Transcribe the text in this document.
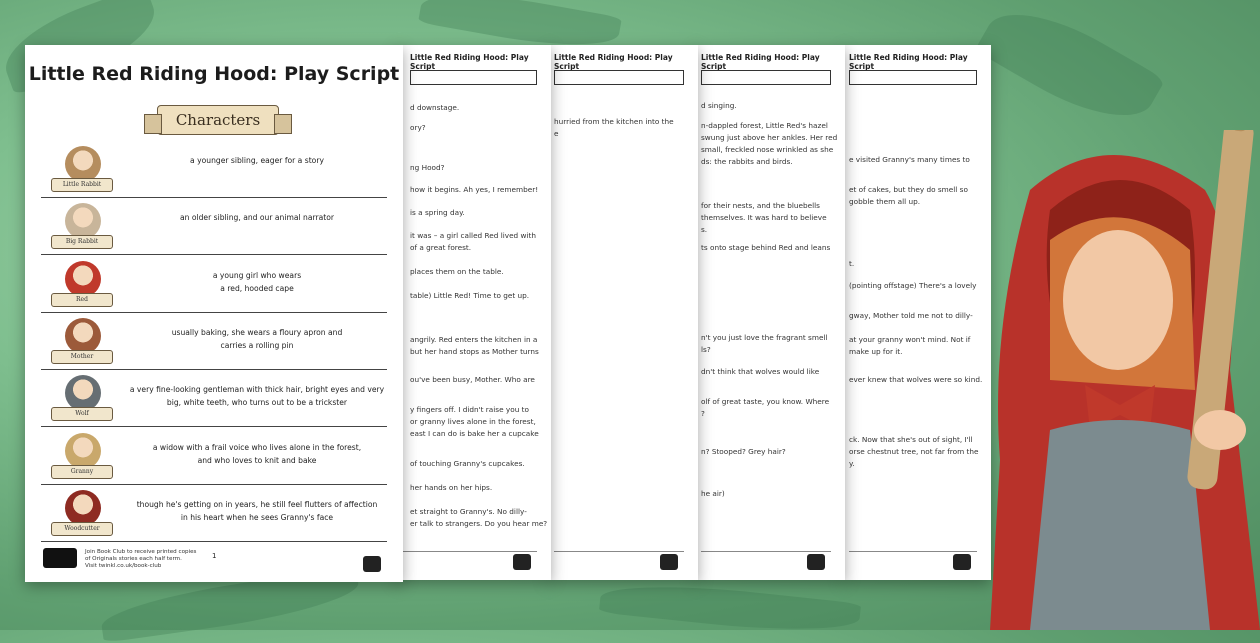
Little Red Riding Hood: Play Script
e visited Granny's many times to
et of cakes, but they do smell so
gobble them all up.
t.
(pointing offstage) There's a lovely
gway, Mother told me not to dilly-
at your granny won't mind. Not if
make up for it.
ever knew that wolves were so kind.
ck. Now that she's out of sight, I'll
orse chestnut tree, not far from the
y.
Little Red Riding Hood: Play Script
d singing.
n-dappled forest, Little Red's hazel
swung just above her ankles. Her red
small, freckled nose wrinkled as she
ds: the rabbits and birds.
for their nests, and the bluebells
themselves. It was hard to believe
s.
ts onto stage behind Red and leans
n't you just love the fragrant smell
ls?
dn't think that wolves would like
olf of great taste, you know. Where
?
n? Stooped? Grey hair?
he air)
Little Red Riding Hood: Play Script
hurried from the kitchen into the
e
Little Red Riding Hood: Play Script
d downstage.
ory?
ng Hood?
how it begins. Ah yes, I remember!
is a spring day.
it was – a girl called Red lived with
of a great forest.
places them on the table.
table) Little Red! Time to get up.
angrily. Red enters the kitchen in a
but her hand stops as Mother turns
ou've been busy, Mother. Who are
y fingers off. I didn't raise you to
or granny lives alone in the forest,
east I can do is bake her a cupcake
of touching Granny's cupcakes.
her hands on her hips.
et straight to Granny's. No dilly-
er talk to strangers. Do you hear me?
Little Red Riding Hood: Play Script
Characters
Little Rabbit
a younger sibling, eager for a story
Big Rabbit
an older sibling, and our animal narrator
Red
a young girl who wears
a red, hooded cape
Mother
usually baking, she wears a floury apron and
carries a rolling pin
Wolf
a very fine-looking gentleman with thick hair, bright eyes and very
big, white teeth, who turns out to be a trickster
Granny
a widow with a frail voice who lives alone in the forest,
and who loves to knit and bake
Woodcutter
though he's getting on in years, he still feel flutters of affection
in his heart when he sees Granny's face
Join Book Club to receive printed copies
of Originals stories each half term.
Visit twinkl.co.uk/book-club
1
